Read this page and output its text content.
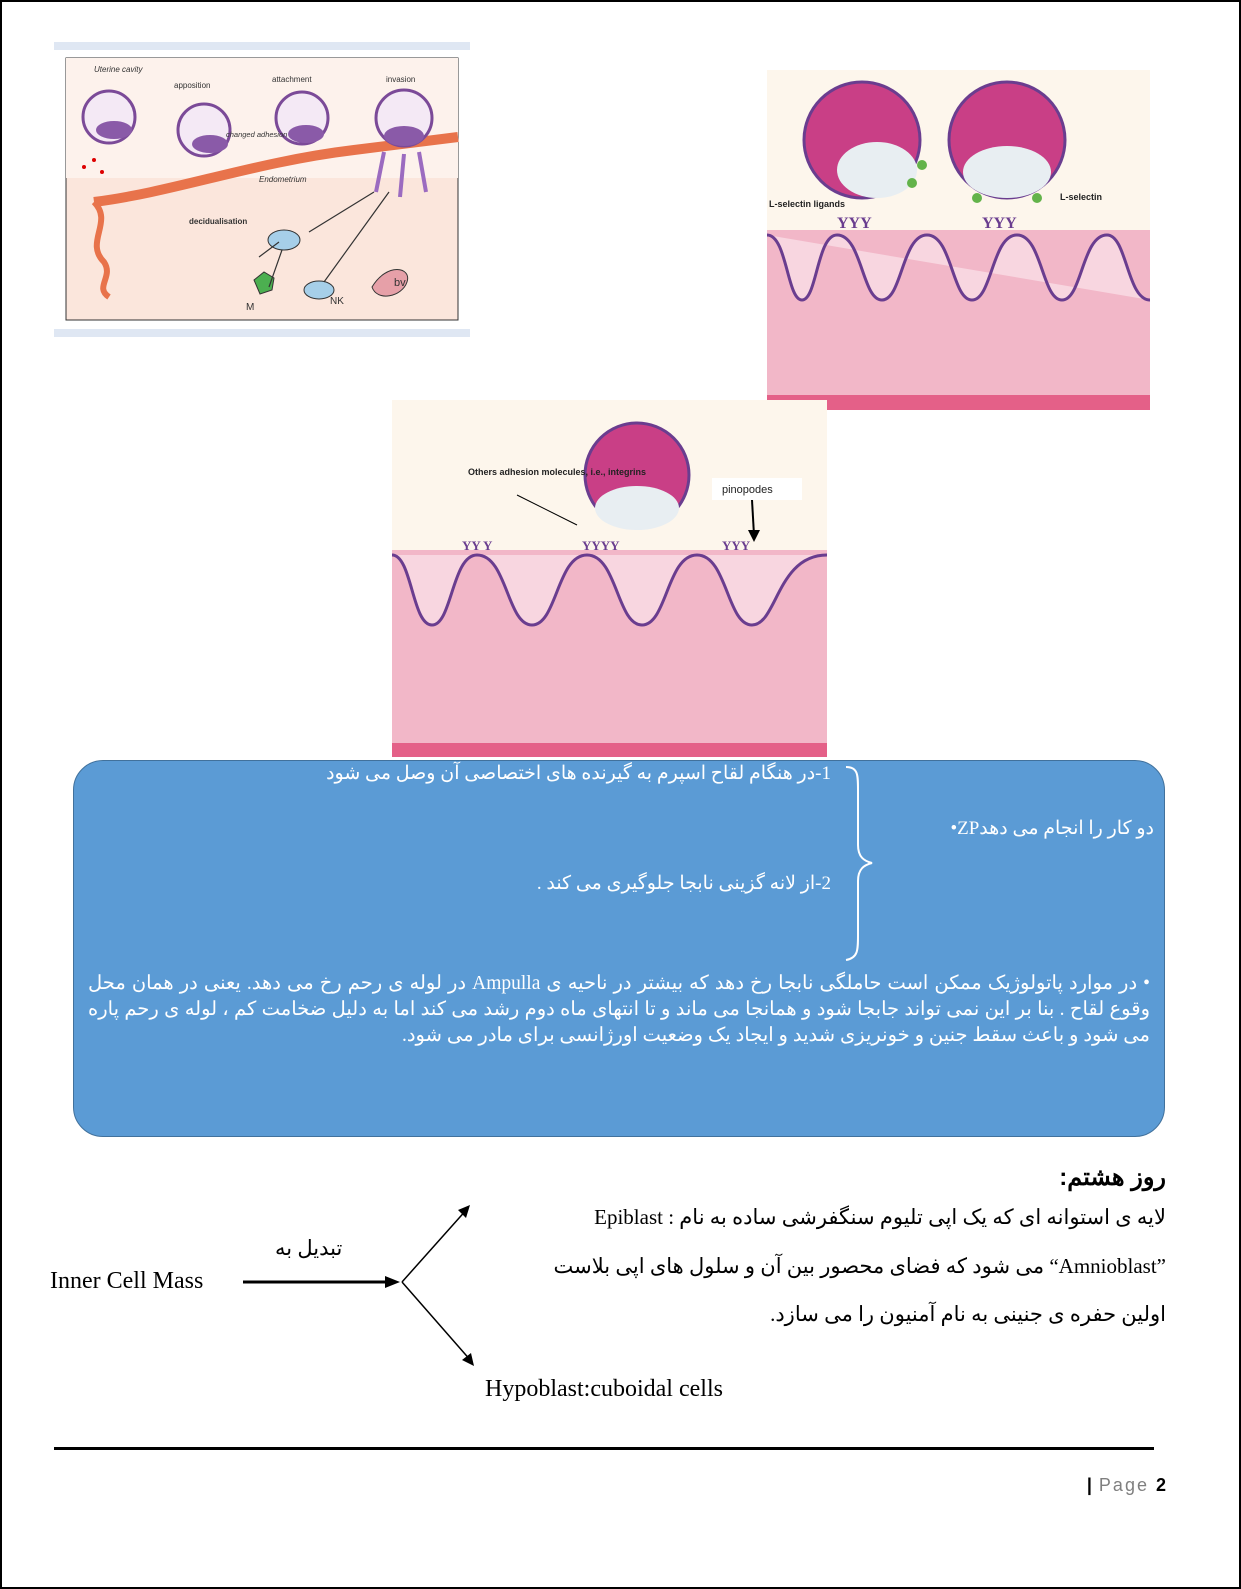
Uterine cavity
apposition
attachment	invasion
changed adhesion
Endometrium
decidualisation
M
NK
bv
L-selectin ligands
L-selectin
YYY	YYY
YY Y	YYYY	YYY
Others adhesion molecules, i.e., integrins
pinopodes
1-در هنگام لقاح اسپرم به گیرنده های اختصاصی آن وصل می شود
•ZPدو کار را انجام می دهد
2-از لانه گزینی نابجا جلوگیری می کند .
• در موارد پاتولوژیک ممکن است حاملگی نابجا رخ دهد که بیشتر در ناحیه ی Ampulla در لوله ی رحم رخ می دهد. یعنی در همان محل وقوع لقاح . بنا بر این نمی تواند جابجا شود و همانجا می ماند و تا انتهای ماه دوم رشد می کند اما به دلیل ضخامت کم ، لوله ی رحم پاره می شود و باعث سقط جنین و خونریزی شدید و ایجاد یک وضعیت اورژانسی برای مادر می شود.
روز هشتم:
لایه ی استوانه ای که یک اپی تلیوم سنگفرشی ساده به نام : Epiblast
”Amnioblast“ می شود که فضای محصور بین آن و سلول های اپی بلاست
اولین حفره ی جنینی به نام آمنیون را می سازد.
Inner Cell Mass
تبدیل به
Hypoblast:cuboidal cells
| Page 2
